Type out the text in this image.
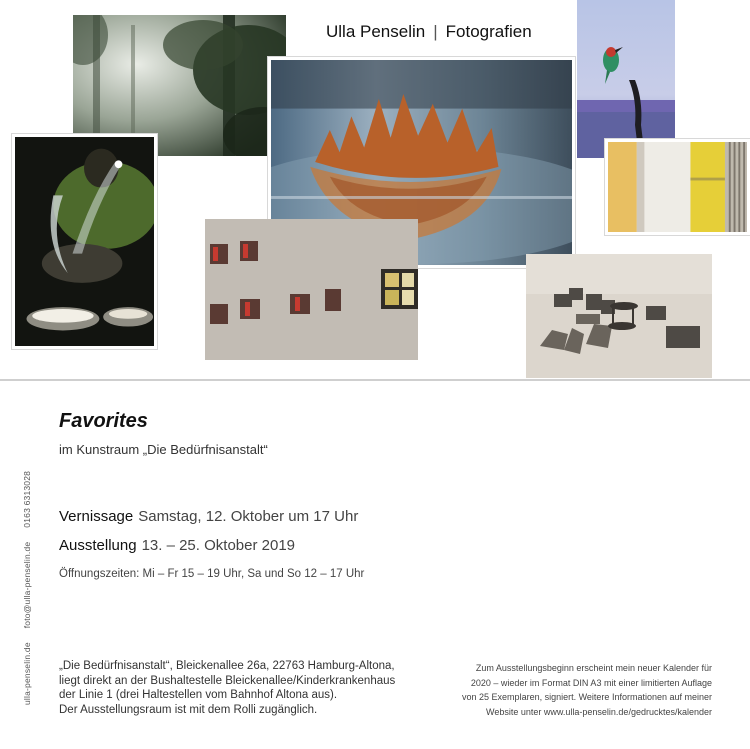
Ulla Penselin | Fotografien
Favorites
im Kunstraum „Die Bedürfnisanstalt“
Vernissage Samstag, 12. Oktober um 17 Uhr
Ausstellung 13. – 25. Oktober 2019
Öffnungszeiten: Mi – Fr 15 – 19 Uhr, Sa und So 12 – 17 Uhr
„Die Bedürfnisanstalt“, Bleickenallee 26a, 22763 Hamburg-Altona,
liegt direkt an der Bushaltestelle Bleickenallee/Kinderkrankenhaus
der Linie 1 (drei Haltestellen vom Bahnhof Altona aus).
Der Ausstellungsraum ist mit dem Rolli zugänglich.
Zum Ausstellungsbeginn erscheint mein neuer Kalender für
2020 – wieder im Format DIN A3 mit einer limitierten Auflage
von 25 Exemplaren, signiert. Weitere Informationen auf meiner
Website unter www.ulla-penselin.de/gedrucktes/kalender
ulla-penselin.defoto@ulla-penselin.de0163 6313028
